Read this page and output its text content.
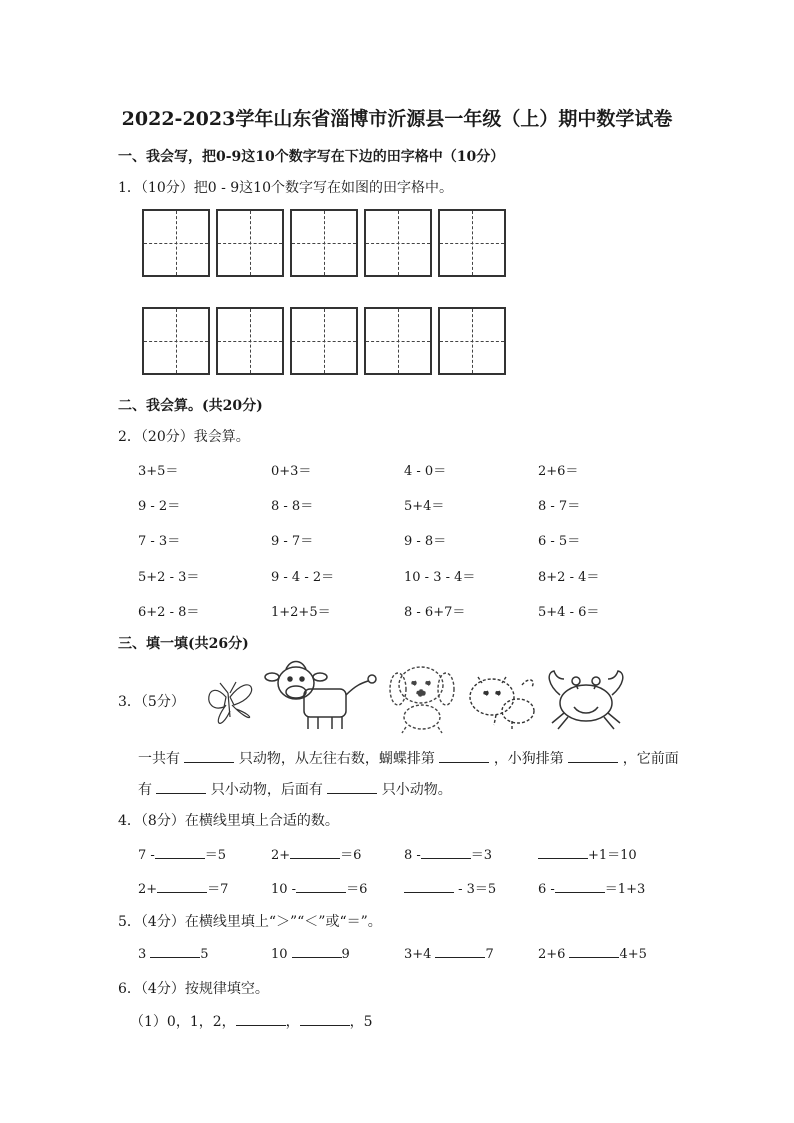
2022-2023学年山东省淄博市沂源县一年级（上）期中数学试卷
一、我会写，把0-9这10个数字写在下边的田字格中（10分）
1．（10分）把0 - 9这10个数字写在如图的田字格中。
二、我会算。(共20分)
2．（20分）我会算。
3+5＝	0+3＝	4 - 0＝	2+6＝
9 - 2＝	8 - 8＝	5+4＝	8 - 7＝
7 - 3＝	9 - 7＝	9 - 8＝	6 - 5＝
5+2 - 3＝	9 - 4 - 2＝	10 - 3 - 4＝	8+2 - 4＝
6+2 - 8＝	1+2+5＝	8 - 6+7＝	5+4 - 6＝
三、填一填(共26分)
3．（5分）
一共有	只动物，从左往右数，蝴蝶排第	，小狗排第	，它前面
有	只小动物，后面有	只小动物。
4．（8分）在横线里填上合适的数。
7 -	＝5	2+	＝6	8 -	＝3	+1＝10
2+	＝7	10 -	＝6	- 3＝5	6 -	＝1+3
5．（4分）在横线里填上“＞”“＜”或“＝”。
3	5	10	9	3+4	7	2+6	4+5
6．（4分）按规律填空。
（1）0，1，2，	，	，5
